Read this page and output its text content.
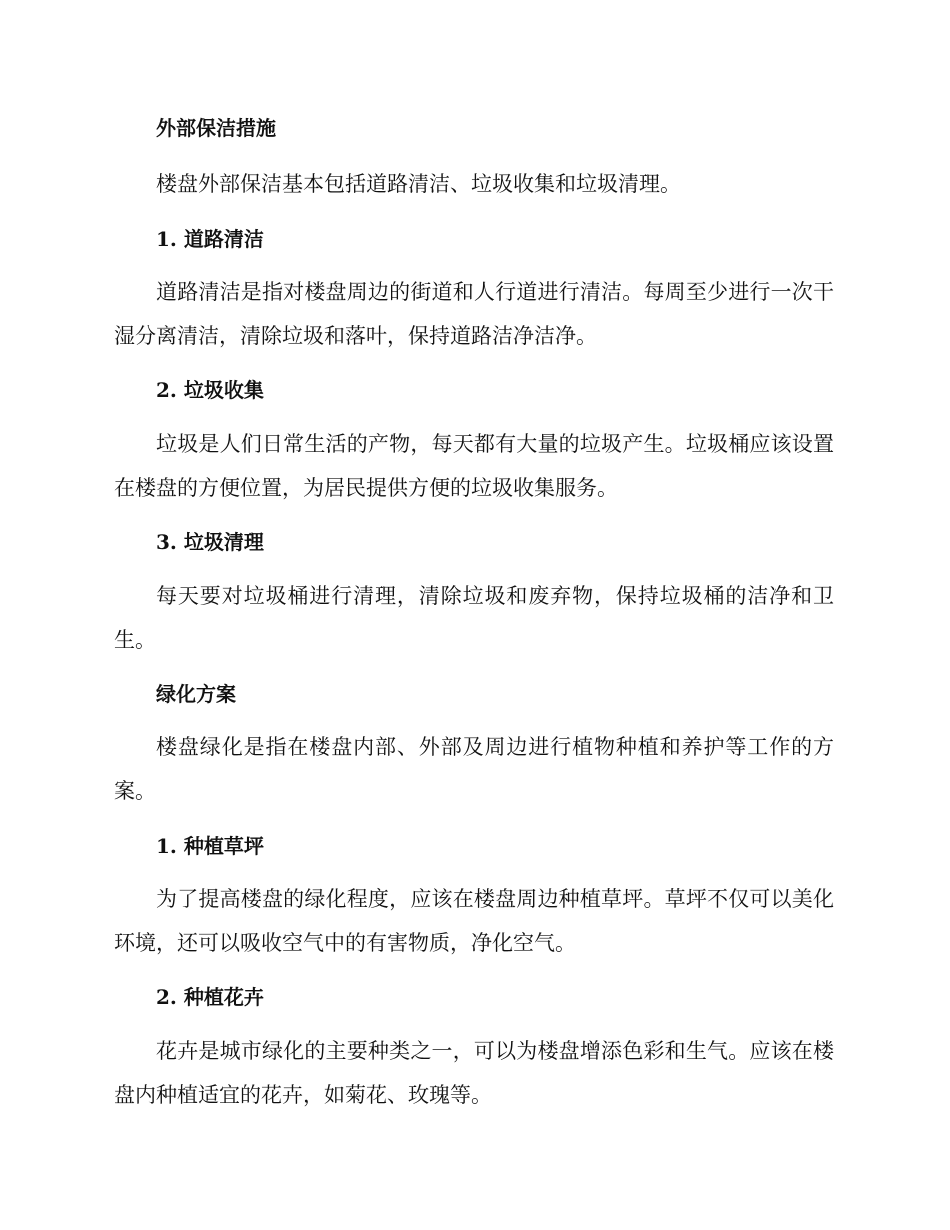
外部保洁措施

楼盘外部保洁基本包括道路清洁、垃圾收集和垃圾清理。

1. 道路清洁

道路清洁是指对楼盘周边的街道和人行道进行清洁。每周至少进行一次干湿分离清洁，清除垃圾和落叶，保持道路洁净洁净。

2. 垃圾收集

垃圾是人们日常生活的产物，每天都有大量的垃圾产生。垃圾桶应该设置在楼盘的方便位置，为居民提供方便的垃圾收集服务。

3. 垃圾清理

每天要对垃圾桶进行清理，清除垃圾和废弃物，保持垃圾桶的洁净和卫生。

绿化方案

楼盘绿化是指在楼盘内部、外部及周边进行植物种植和养护等工作的方案。

1. 种植草坪

为了提高楼盘的绿化程度，应该在楼盘周边种植草坪。草坪不仅可以美化环境，还可以吸收空气中的有害物质，净化空气。

2. 种植花卉

花卉是城市绿化的主要种类之一，可以为楼盘增添色彩和生气。应该在楼盘内种植适宜的花卉，如菊花、玫瑰等。
